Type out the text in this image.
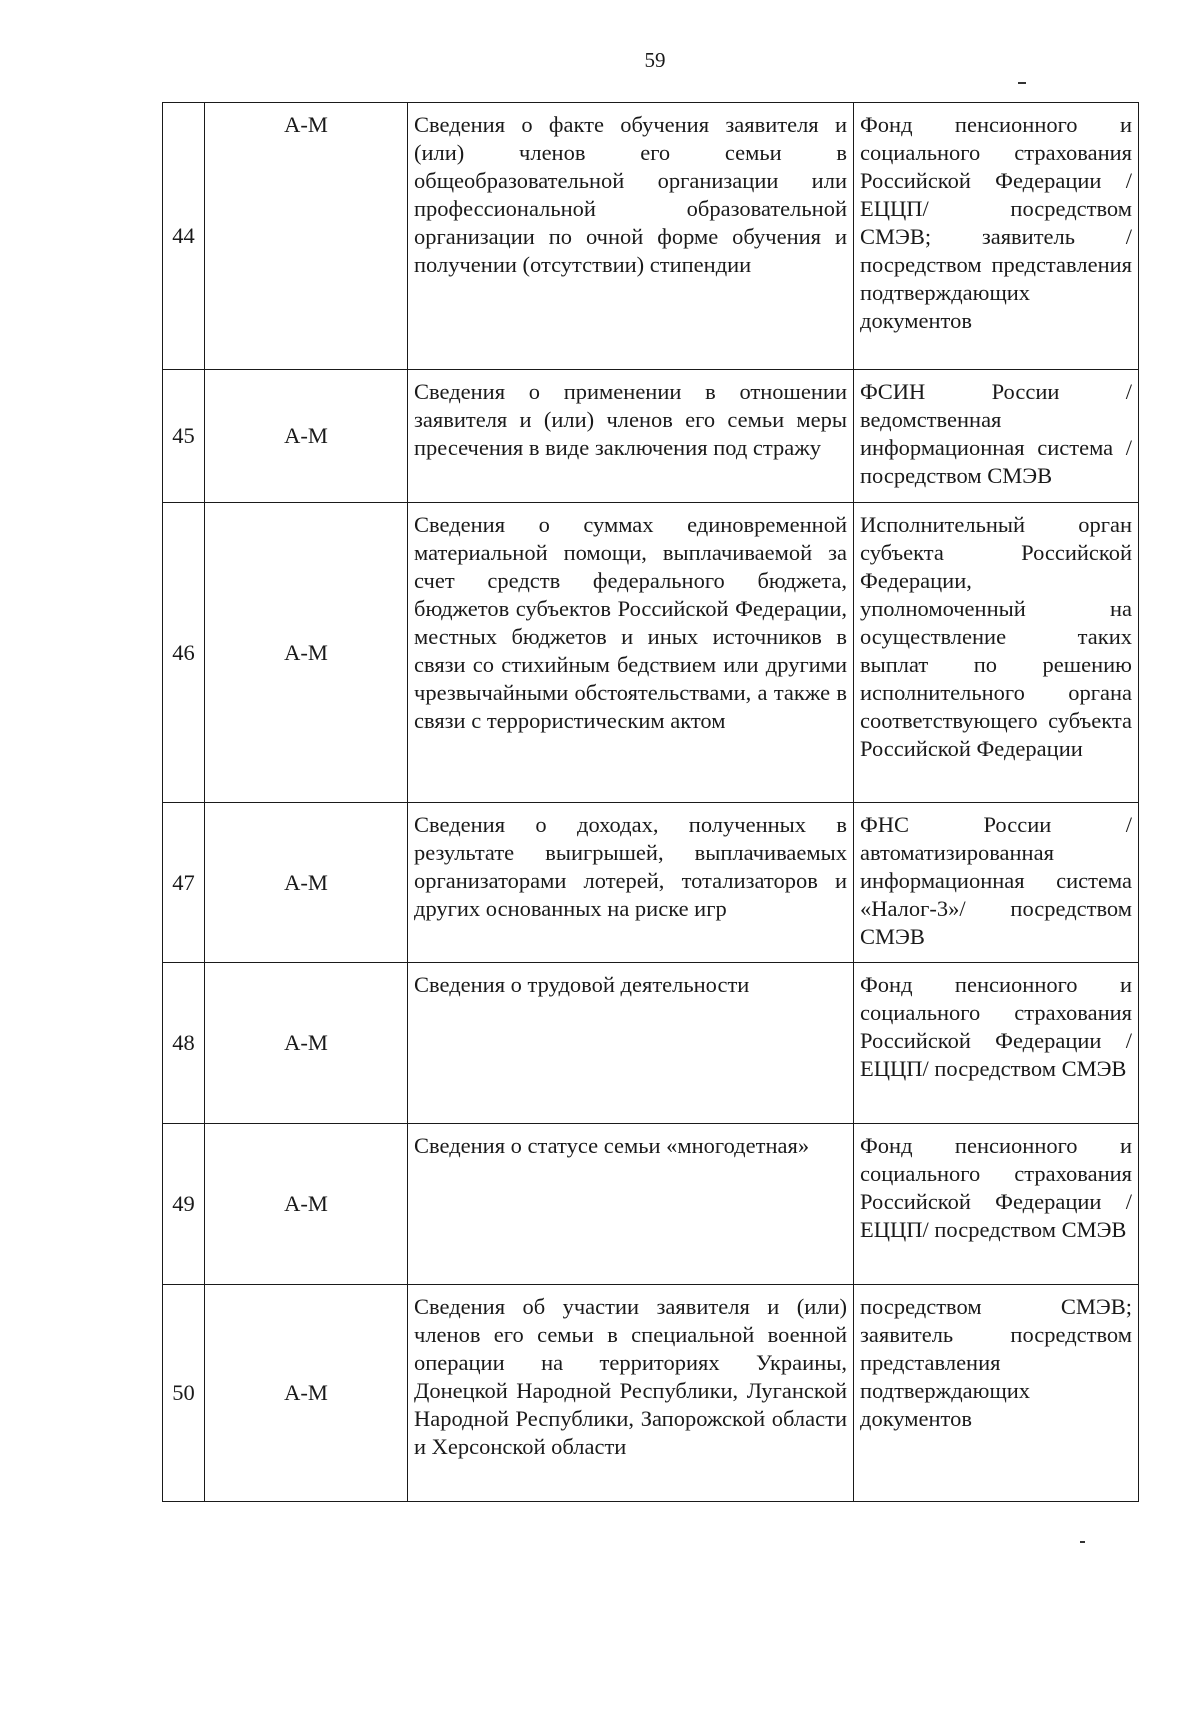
59
44	А-М	Сведения о факте обучения заявителя и (или) членов его семьи в общеобразовательной организации или профессиональной образовательной организации по очной форме обучения и получении (отсутствии) стипендии	Фонд пенсионного и социального страхования Российской Федерации /ЕЦЦП/ посредством СМЭВ; заявитель / посредством представления подтверждающих документов
45	А-М	Сведения о применении в отношении заявителя и (или) членов его семьи меры пресечения в виде заключения под стражу	ФСИН России /ведомственная информационная система / посредством СМЭВ
46	А-М	Сведения о суммах единовременной материальной помощи, выплачиваемой за счет средств федерального бюджета, бюджетов субъектов Российской Федерации, местных бюджетов и иных источников в связи со стихийным бедствием или другими чрезвычайными обстоятельствами, а также в связи с террористическим актом	Исполнительный орган субъекта Российской Федерации, уполномоченный на осуществление таких выплат по решению исполнительного органа соответствующего субъекта Российской Федерации
47	А-М	Сведения о доходах, полученных в результате выигрышей, выплачиваемых организаторами лотерей, тотализаторов и других основанных на риске игр	ФНС России / автоматизированная информационная система «Налог-3»/ посредством СМЭВ
48	А-М	Сведения о трудовой деятельности	Фонд пенсионного и социального страхования Российской Федерации /ЕЦЦП/ посредством СМЭВ
49	А-М	Сведения о статусе семьи «многодетная»	Фонд пенсионного и социального страхования Российской Федерации /ЕЦЦП/ посредством СМЭВ
50	А-М	Сведения об участии заявителя и (или) членов его семьи в специальной военной операции на территориях Украины, Донецкой Народной Республики, Луганской Народной Республики, Запорожской области и Херсонской области	посредством СМЭВ; заявитель посредством представления подтверждающих документов
